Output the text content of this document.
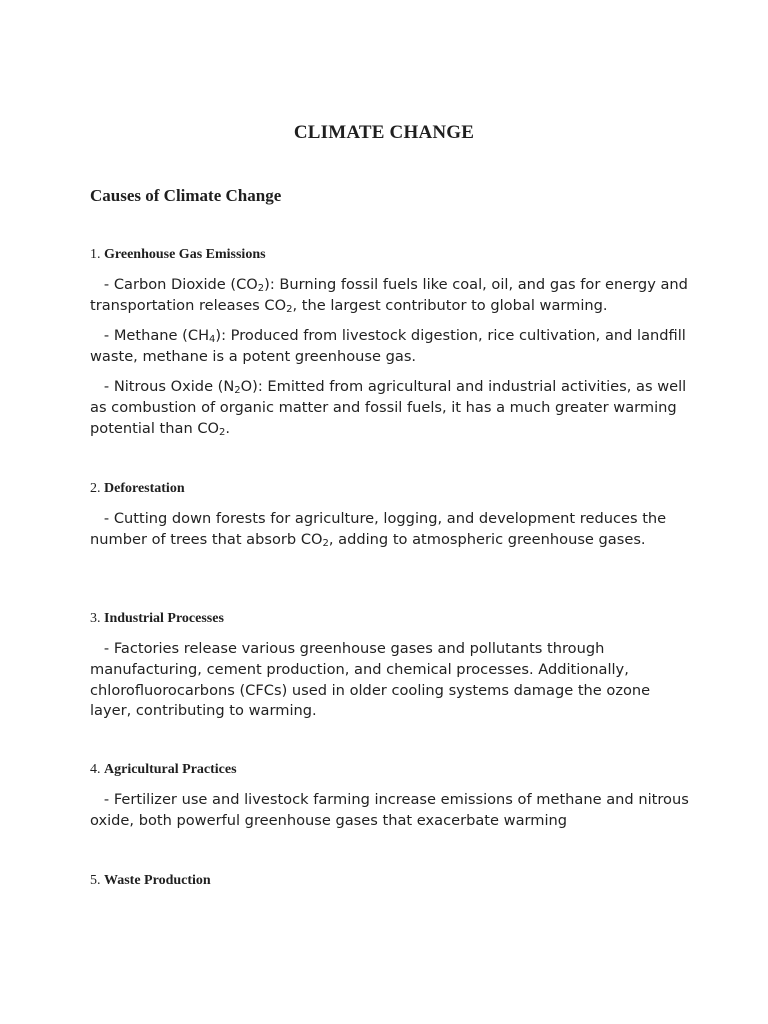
CLIMATE CHANGE
Causes of Climate Change
1. Greenhouse Gas Emissions

- Carbon Dioxide $(CO_2)$: Burning fossil fuels like coal, oil, and gas for energy and transportation releases $CO_2$, the largest contributor to global warming.

- Methane $(CH_4)$: Produced from livestock digestion, rice cultivation, and landfill waste, methane is a potent greenhouse gas.

- Nitrous Oxide $(N_2O)$: Emitted from agricultural and industrial activities, as well as combustion of organic matter and fossil fuels, it has a much greater warming potential than $CO_2$.

2. Deforestation

- Cutting down forests for agriculture, logging, and development reduces the number of trees that absorb $CO_2$, adding to atmospheric greenhouse gases.

3. Industrial Processes

- Factories release various greenhouse gases and pollutants through manufacturing, cement production, and chemical processes. Additionally, chlorofluorocarbons (CFCs) used in older cooling systems damage the ozone layer, contributing to warming.

4. Agricultural Practices

- Fertilizer use and livestock farming increase emissions of methane and nitrous oxide, both powerful greenhouse gases that exacerbate warming

5. Waste Production
